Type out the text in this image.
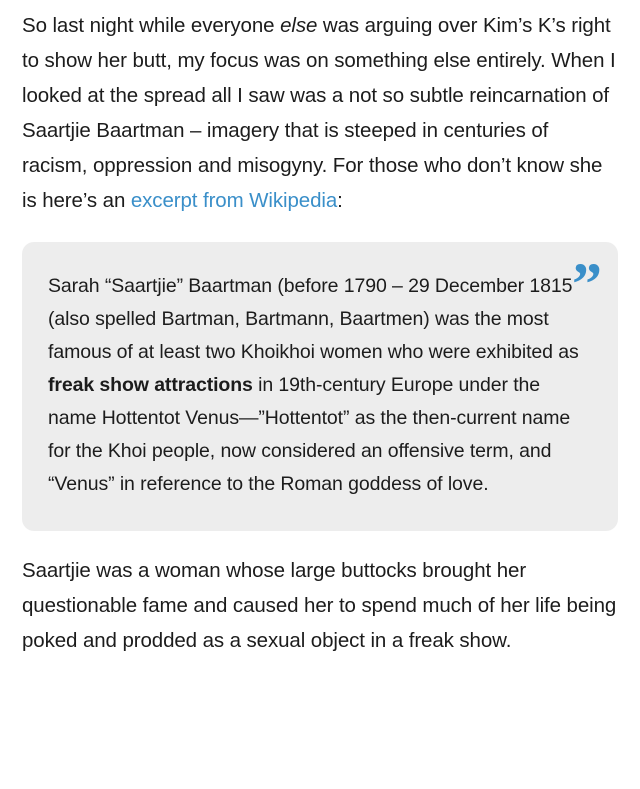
So last night while everyone else was arguing over Kim’s K’s right to show her butt, my focus was on something else entirely. When I looked at the spread all I saw was a not so subtle reincarnation of Saartjie Baartman – imagery that is steeped in centuries of racism, oppression and misogyny. For those who don’t know she is here’s an excerpt from Wikipedia:

”

Sarah “Saartjie” Baartman (before 1790 – 29 December 1815 (also spelled Bartman, Bartmann, Baartmen) was the most famous of at least two Khoikhoi women who were exhibited as freak show attractions in 19th-century Europe under the name Hottentot Venus—”Hottentot” as the then-current name for the Khoi people, now considered an offensive term, and “Venus” in reference to the Roman goddess of love.

Saartjie was a woman whose large buttocks brought her questionable fame and caused her to spend much of her life being poked and prodded as a sexual object in a freak show.
